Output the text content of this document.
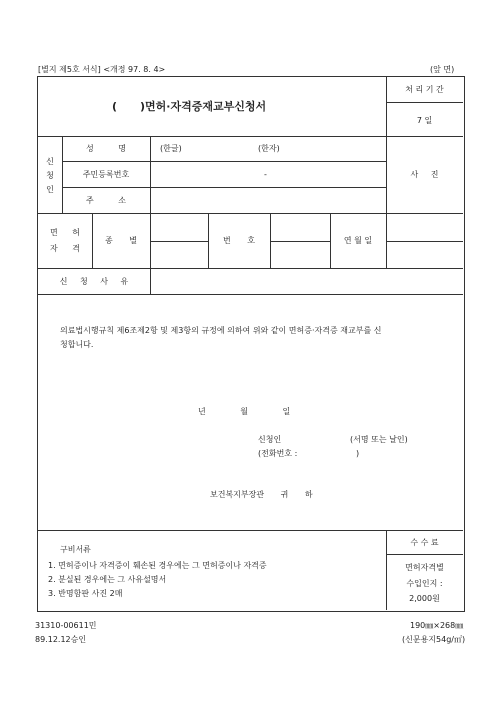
[별지 제5호 서식] <개정 97. 8. 4>	(앞 면)
( )면허·자격증재교부신청서
처 리 기 간
7 일
신
청
인
성 명	(한글)	(한자)
주민등록번호	-
주 소
사 진
면 허
자 격
종 별	번 호	연 월 일
신 청 사 유
의료법시행규칙 제6조제2항 및 제3항의 규정에 의하여 위와 같이 면허증·자격증 재교부를 신
청합니다.
년 월 일
신청인	(서명 또는 날인)
(전화번호 :	)
보건복지부장관 귀 하
구비서류
1. 면허증이나 자격증이 훼손된 경우에는 그 면허증이나 자격증
2. 분실된 경우에는 그 사유설명서
3. 반명함판 사진 2매
수 수 료
면허자격별
수입인지 :
2,000원
31310-00611민
89.12.12승인
190㎜×268㎜
(신문용지54g/㎡)
